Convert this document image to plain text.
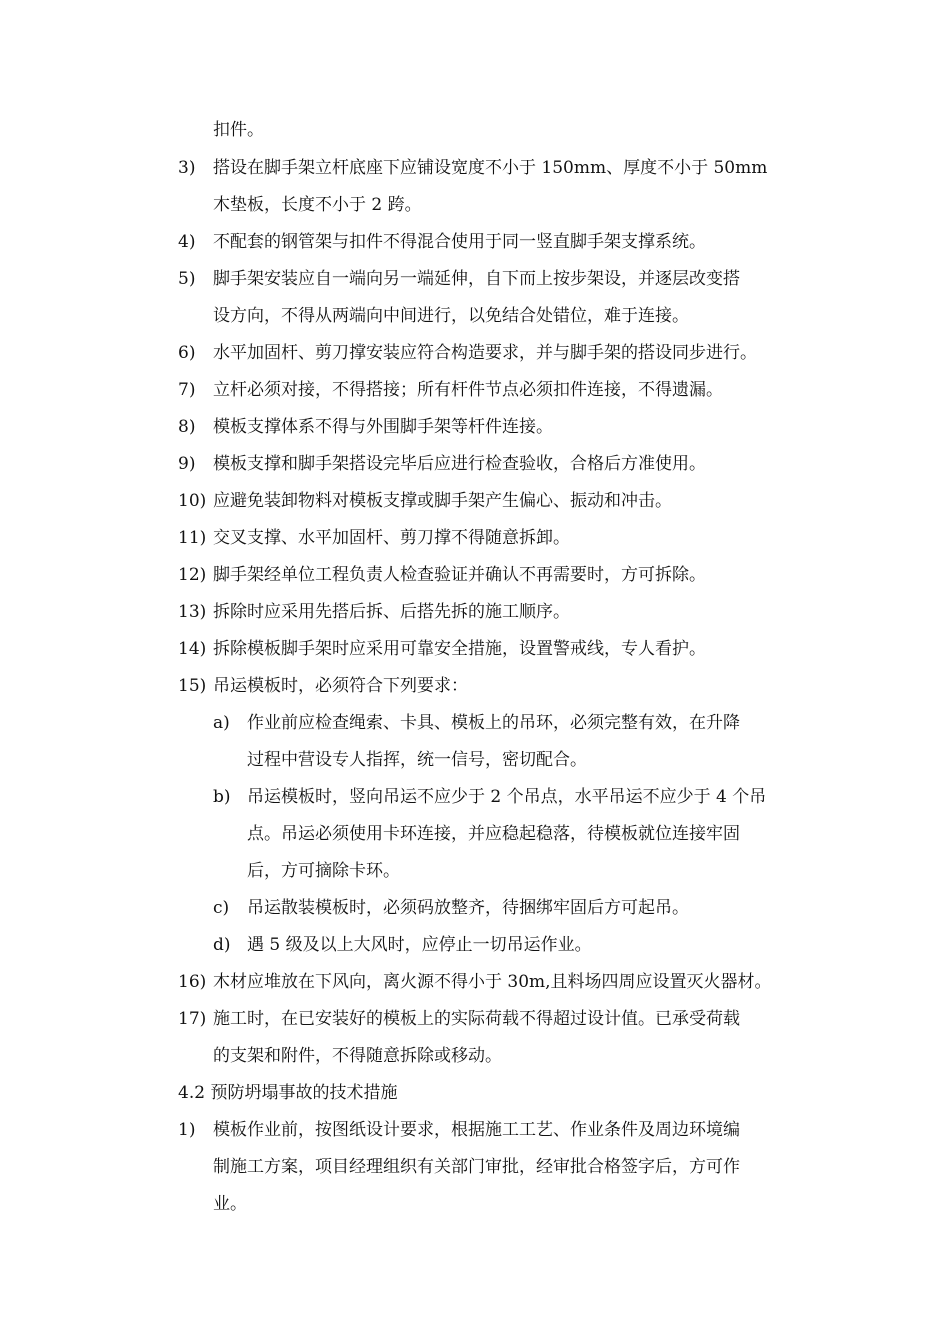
扣件。
3) 搭设在脚手架立杆底座下应铺设宽度不小于 150mm、厚度不小于 50mm
木垫板，长度不小于 2 跨。
4) 不配套的钢管架与扣件不得混合使用于同一竖直脚手架支撑系统。
5) 脚手架安装应自一端向另一端延伸，自下而上按步架设，并逐层改变搭
设方向，不得从两端向中间进行，以免结合处错位，难于连接。
6) 水平加固杆、剪刀撑安装应符合构造要求，并与脚手架的搭设同步进行。
7) 立杆必须对接，不得搭接；所有杆件节点必须扣件连接，不得遗漏。
8) 模板支撑体系不得与外围脚手架等杆件连接。
9) 模板支撑和脚手架搭设完毕后应进行检查验收，合格后方准使用。
10) 应避免装卸物料对模板支撑或脚手架产生偏心、振动和冲击。
11) 交叉支撑、水平加固杆、剪刀撑不得随意拆卸。
12) 脚手架经单位工程负责人检查验证并确认不再需要时，方可拆除。
13) 拆除时应采用先搭后拆、后搭先拆的施工顺序。
14) 拆除模板脚手架时应采用可靠安全措施，设置警戒线，专人看护。
15) 吊运模板时，必须符合下列要求：
a) 作业前应检查绳索、卡具、模板上的吊环，必须完整有效，在升降
过程中营设专人指挥，统一信号，密切配合。
b) 吊运模板时，竖向吊运不应少于 2 个吊点，水平吊运不应少于 4 个吊
点。吊运必须使用卡环连接，并应稳起稳落，待模板就位连接牢固
后，方可摘除卡环。
c) 吊运散装模板时，必须码放整齐，待捆绑牢固后方可起吊。
d) 遇 5 级及以上大风时，应停止一切吊运作业。
16) 木材应堆放在下风向，离火源不得小于 30m,且料场四周应设置灭火器材。
17) 施工时，在已安装好的模板上的实际荷载不得超过设计值。已承受荷载
的支架和附件，不得随意拆除或移动。
4.2 预防坍塌事故的技术措施
1) 模板作业前，按图纸设计要求，根据施工工艺、作业条件及周边环境编
制施工方案，项目经理组织有关部门审批，经审批合格签字后，方可作
业。
